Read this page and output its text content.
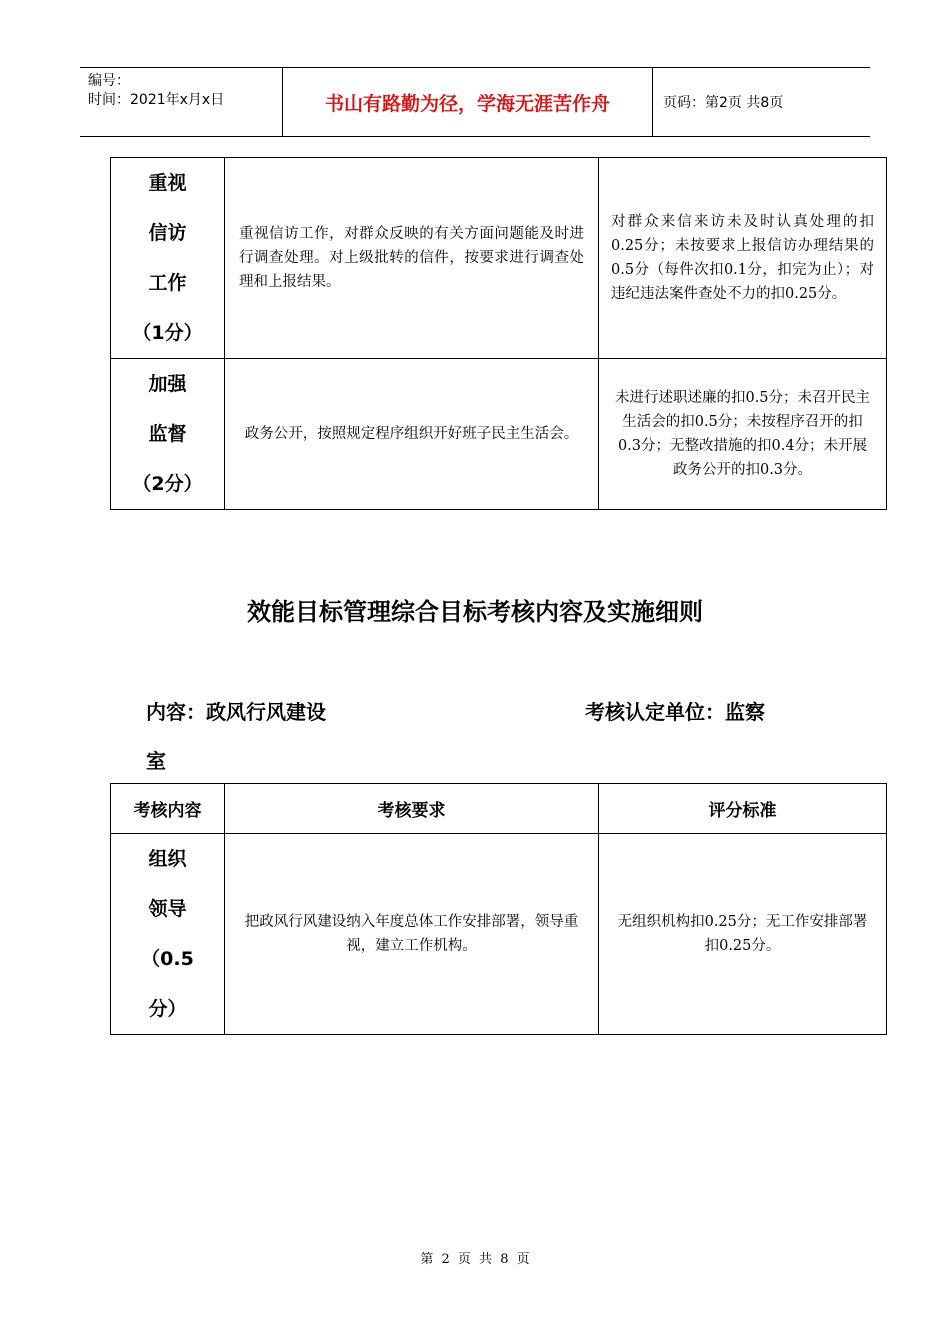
编号：
时间：2021年x月x日	书山有路勤为径，学海无涯苦作舟	页码：第2页 共8页
重视
信访
工作
（1分）	重视信访工作，对群众反映的有关方面问题能及时进行调查处理。对上级批转的信件，按要求进行调查处理和上报结果。	对群众来信来访未及时认真处理的扣0.25分；未按要求上报信访办理结果的0.5分（每件次扣0.1分，扣完为止）；对违纪违法案件查处不力的扣0.25分。

加强
监督
（2分）	政务公开，按照规定程序组织开好班子民主生活会。	未进行述职述廉的扣0.5分；未召开民主生活会的扣0.5分；未按程序召开的扣0.3分；无整改措施的扣0.4分；未开展政务公开的扣0.3分。
效能目标管理综合目标考核内容及实施细则
内容：政风行风建设	考核认定单位：监察
室
考核内容	考核要求	评分标准

组织
领导
（0.5
分）	把政风行风建设纳入年度总体工作安排部署，领导重视，建立工作机构。	无组织机构扣0.25分；无工作安排部署扣0.25分。
第 2 页 共 8 页
